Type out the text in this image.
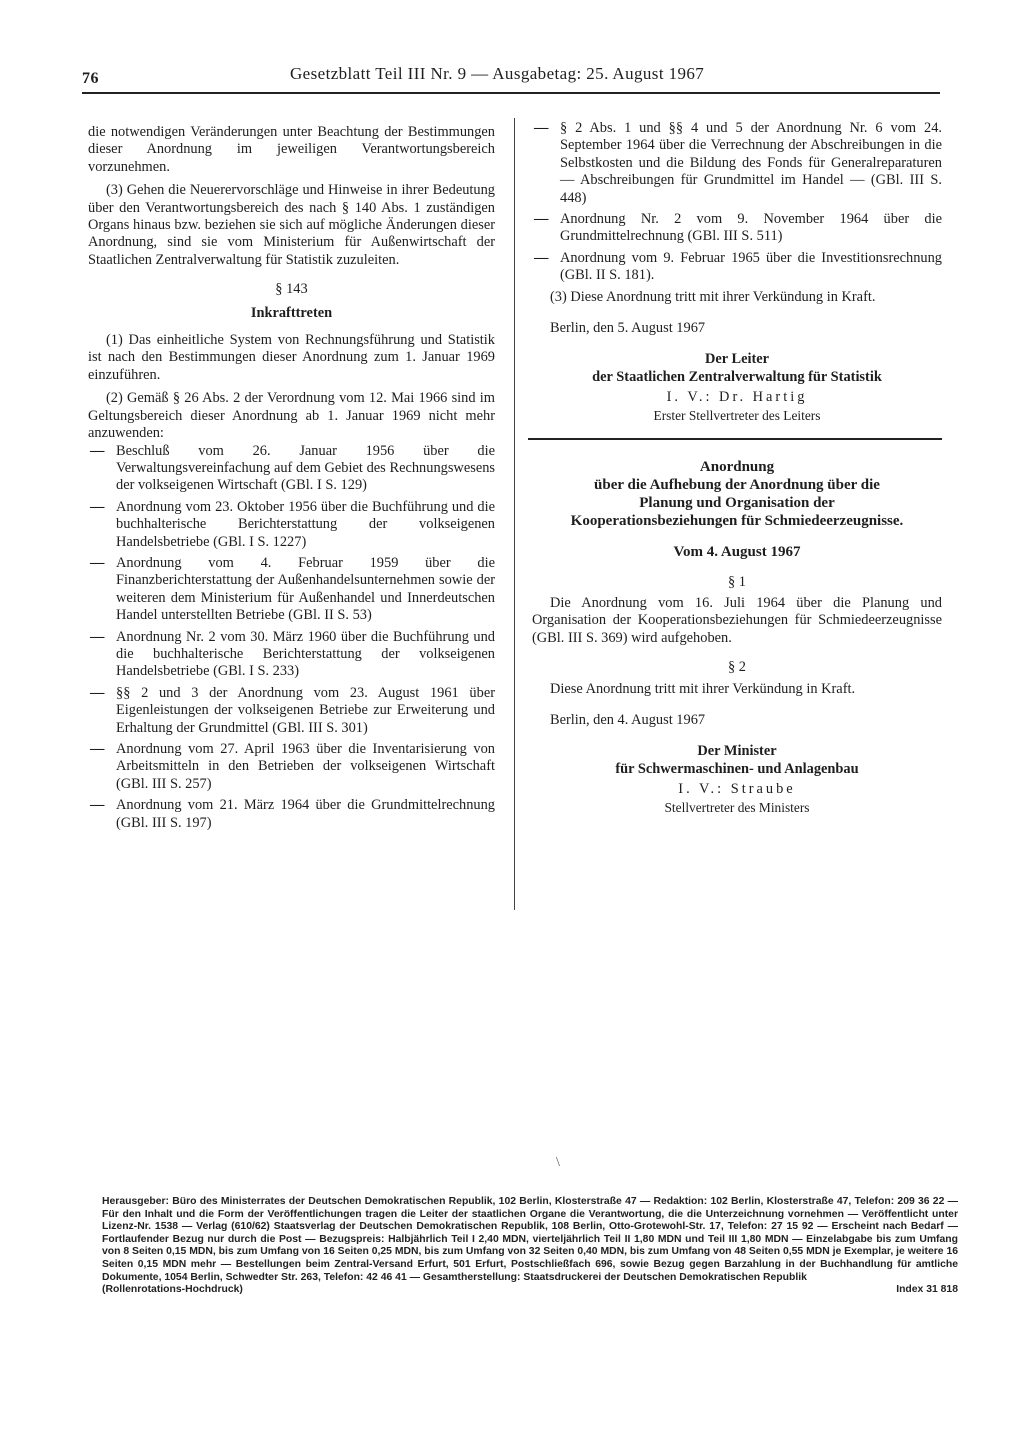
76	Gesetzblatt Teil III Nr. 9 — Ausgabetag: 25. August 1967

die notwendigen Veränderungen unter Beachtung der Bestimmungen dieser Anordnung im jeweiligen Verantwortungsbereich vorzunehmen.

(3) Gehen die Neuerervorschläge und Hinweise in ihrer Bedeutung über den Verantwortungsbereich des nach § 140 Abs. 1 zuständigen Organs hinaus bzw. beziehen sie sich auf mögliche Änderungen dieser Anordnung, sind sie vom Ministerium für Außenwirtschaft der Staatlichen Zentralverwaltung für Statistik zuzuleiten.

§ 143

Inkrafttreten

(1) Das einheitliche System von Rechnungsführung und Statistik ist nach den Bestimmungen dieser Anordnung zum 1. Januar 1969 einzuführen.

(2) Gemäß § 26 Abs. 2 der Verordnung vom 12. Mai 1966 sind im Geltungsbereich dieser Anordnung ab 1. Januar 1969 nicht mehr anzuwenden:

— Beschluß vom 26. Januar 1956 über die Verwaltungsvereinfachung auf dem Gebiet des Rechnungswesens der volkseigenen Wirtschaft (GBl. I S. 129)
— Anordnung vom 23. Oktober 1956 über die Buchführung und die buchhalterische Berichterstattung der volkseigenen Handelsbetriebe (GBl. I S. 1227)
— Anordnung vom 4. Februar 1959 über die Finanzberichterstattung der Außenhandelsunternehmen sowie der weiteren dem Ministerium für Außenhandel und Innerdeutschen Handel unterstellten Betriebe (GBl. II S. 53)
— Anordnung Nr. 2 vom 30. März 1960 über die Buchführung und die buchhalterische Berichterstattung der volkseigenen Handelsbetriebe (GBl. I S. 233)
— §§ 2 und 3 der Anordnung vom 23. August 1961 über Eigenleistungen der volkseigenen Betriebe zur Erweiterung und Erhaltung der Grundmittel (GBl. III S. 301)
— Anordnung vom 27. April 1963 über die Inventarisierung von Arbeitsmitteln in den Betrieben der volkseigenen Wirtschaft (GBl. III S. 257)
— Anordnung vom 21. März 1964 über die Grundmittelrechnung (GBl. III S. 197)
— § 2 Abs. 1 und §§ 4 und 5 der Anordnung Nr. 6 vom 24. September 1964 über die Verrechnung der Abschreibungen in die Selbstkosten und die Bildung des Fonds für Generalreparaturen — Abschreibungen für Grundmittel im Handel — (GBl. III S. 448)
— Anordnung Nr. 2 vom 9. November 1964 über die Grundmittelrechnung (GBl. III S. 511)
— Anordnung vom 9. Februar 1965 über die Investitionsrechnung (GBl. II S. 181).

(3) Diese Anordnung tritt mit ihrer Verkündung in Kraft.

Berlin, den 5. August 1967

Der Leiter
der Staatlichen Zentralverwaltung für Statistik
I. V.: Dr. Hartig
Erster Stellvertreter des Leiters
Anordnung
über die Aufhebung der Anordnung über die
Planung und Organisation der
Kooperationsbeziehungen für Schmiedeerzeugnisse.

Vom 4. August 1967

§ 1

Die Anordnung vom 16. Juli 1964 über die Planung und Organisation der Kooperationsbeziehungen für Schmiedeerzeugnisse (GBl. III S. 369) wird aufgehoben.

§ 2

Diese Anordnung tritt mit ihrer Verkündung in Kraft.

Berlin, den 4. August 1967

Der Minister
für Schwermaschinen- und Anlagenbau
I. V.: Straube
Stellvertreter des Ministers
\

Herausgeber: Büro des Ministerrates der Deutschen Demokratischen Republik, 102 Berlin, Klosterstraße 47 — Redaktion: 102 Berlin, Klosterstraße 47, Telefon: 209 36 22 — Für den Inhalt und die Form der Veröffentlichungen tragen die Leiter der staatlichen Organe die Verantwortung, die die Unterzeichnung vornehmen — Veröffentlicht unter Lizenz-Nr. 1538 — Verlag (610/62) Staatsverlag der Deutschen Demokratischen Republik, 108 Berlin, Otto-Grotewohl-Str. 17, Telefon: 27 15 92 — Erscheint nach Bedarf — Fortlaufender Bezug nur durch die Post — Bezugspreis: Halbjährlich Teil I 2,40 MDN, vierteljährlich Teil II 1,80 MDN und Teil III 1,80 MDN — Einzelabgabe bis zum Umfang von 8 Seiten 0,15 MDN, bis zum Umfang von 16 Seiten 0,25 MDN, bis zum Umfang von 32 Seiten 0,40 MDN, bis zum Umfang von 48 Seiten 0,55 MDN je Exemplar, je weitere 16 Seiten 0,15 MDN mehr — Bestellungen beim Zentral-Versand Erfurt, 501 Erfurt, Postschließfach 696, sowie Bezug gegen Barzahlung in der Buchhandlung für amtliche Dokumente, 1054 Berlin, Schwedter Str. 263, Telefon: 42 46 41 — Gesamtherstellung: Staatsdruckerei der Deutschen Demokratischen Republik

(Rollenrotations-Hochdruck)	Index 31 818
